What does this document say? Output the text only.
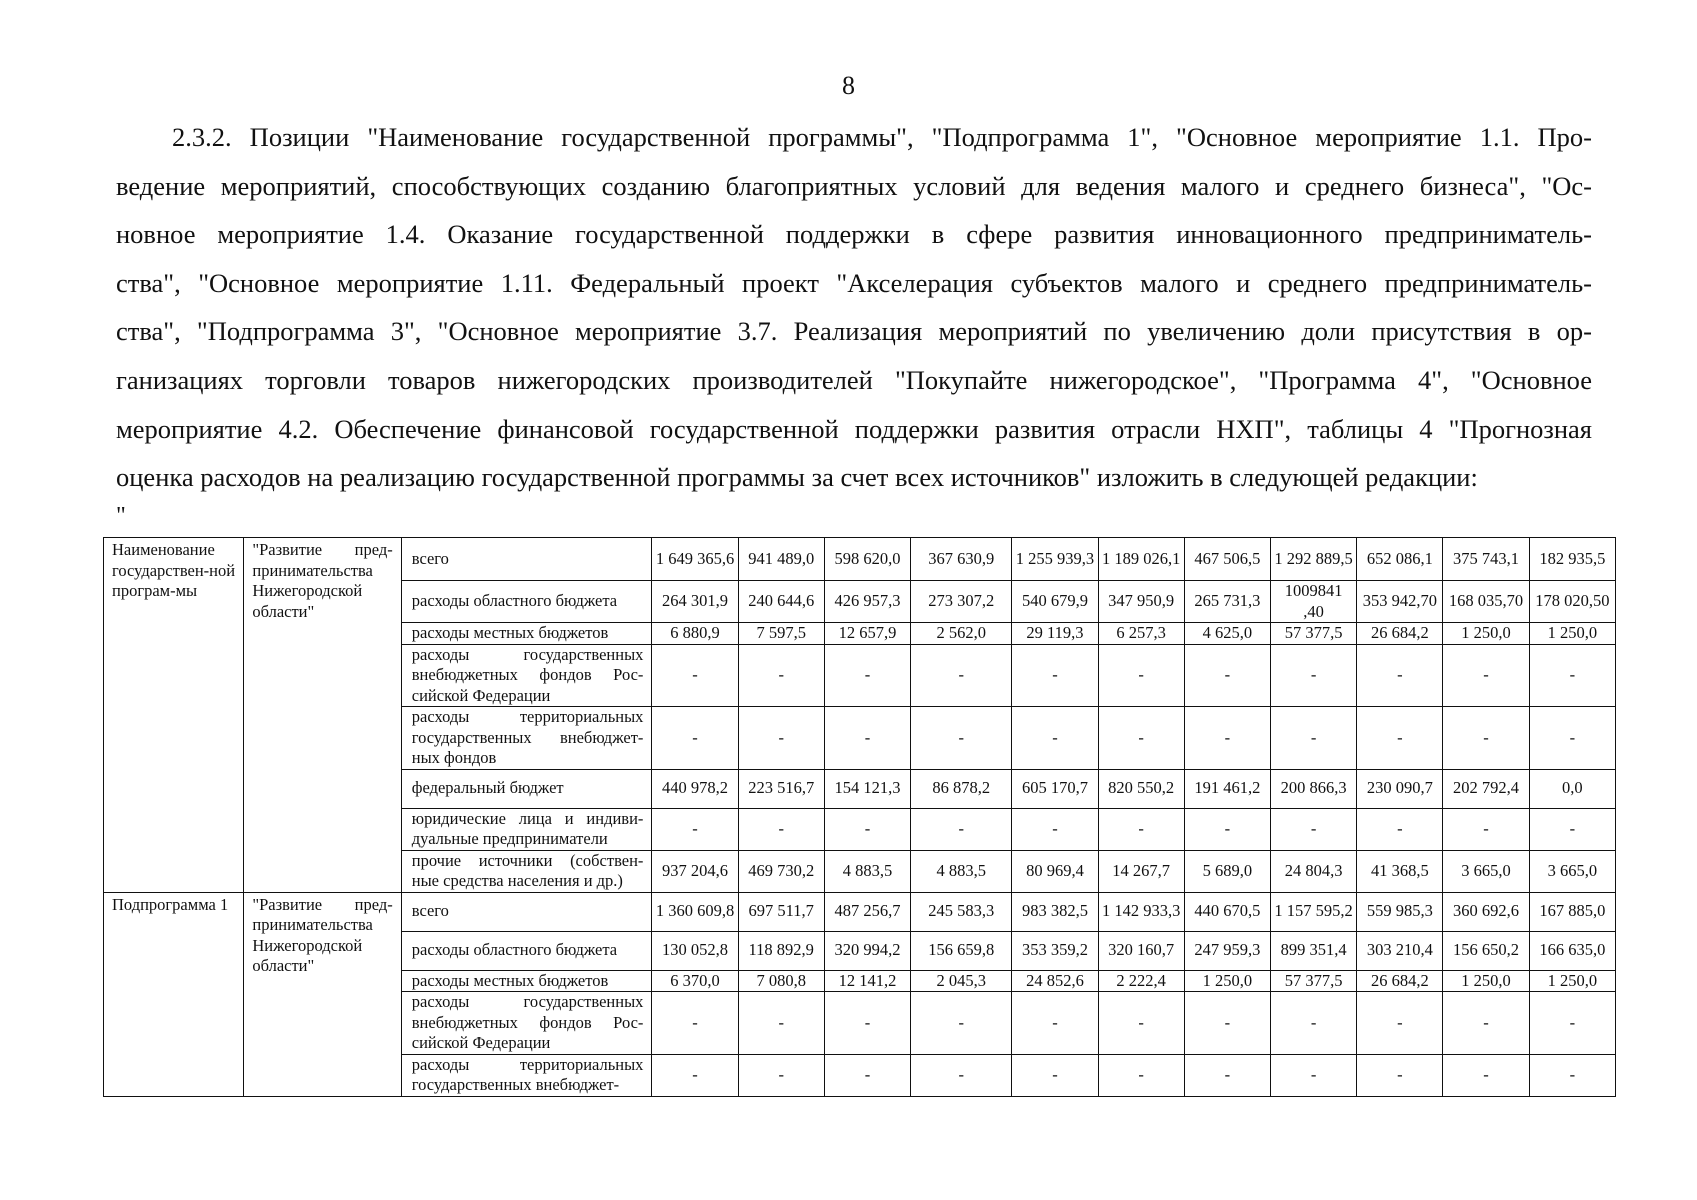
8

2.3.2. Позиции "Наименование государственной программы", "Подпрограмма 1", "Основное мероприятие 1.1. Про-
ведение мероприятий, способствующих созданию благоприятных условий для ведения малого и среднего бизнеса", "Ос-
новное мероприятие 1.4. Оказание государственной поддержки в сфере развития инновационного предприниматель-
ства", "Основное мероприятие 1.11. Федеральный проект "Акселерация субъектов малого и среднего предприниматель-
ства", "Подпрограмма 3", "Основное мероприятие 3.7. Реализация мероприятий по увеличению доли присутствия в ор-
ганизациях торговли товаров нижегородских производителей "Покупайте нижегородское", "Программа 4", "Основное
мероприятие 4.2. Обеспечение финансовой государственной поддержки развития отрасли НХП", таблицы 4 "Прогнозная
оценка расходов на реализацию государственной программы за счет всех источников" изложить в следующей редакции:

"
Наименование государствен-ной програм-мы	"Развитие пред-принимательства Нижегородской области"	всего	1 649 365,6	941 489,0	598 620,0	367 630,9	1 255 939,3	1 189 026,1	467 506,5	1 292 889,5	652 086,1	375 743,1	182 935,5
		расходы областного бюджета	264 301,9	240 644,6	426 957,3	273 307,2	540 679,9	347 950,9	265 731,3	1009841 ,40	353 942,70	168 035,70	178 020,50
		расходы местных бюджетов	6 880,9	7 597,5	12 657,9	2 562,0	29 119,3	6 257,3	4 625,0	57 377,5	26 684,2	1 250,0	1 250,0
		расходы государственных внебюджетных фондов Рос-сийской Федерации	-	-	-	-	-	-	-	-	-	-	-
		расходы территориальных государственных внебюджет-ных фондов	-	-	-	-	-	-	-	-	-	-	-
		федеральный бюджет	440 978,2	223 516,7	154 121,3	86 878,2	605 170,7	820 550,2	191 461,2	200 866,3	230 090,7	202 792,4	0,0
		юридические лица и индиви-дуальные предприниматели	-	-	-	-	-	-	-	-	-	-	-
		прочие источники (собствен-ные средства населения и др.)	937 204,6	469 730,2	4 883,5	4 883,5	80 969,4	14 267,7	5 689,0	24 804,3	41 368,5	3 665,0	3 665,0
Подпрограмма 1	"Развитие пред-принимательства Нижегородской области"	всего	1 360 609,8	697 511,7	487 256,7	245 583,3	983 382,5	1 142 933,3	440 670,5	1 157 595,2	559 985,3	360 692,6	167 885,0
		расходы областного бюджета	130 052,8	118 892,9	320 994,2	156 659,8	353 359,2	320 160,7	247 959,3	899 351,4	303 210,4	156 650,2	166 635,0
		расходы местных бюджетов	6 370,0	7 080,8	12 141,2	2 045,3	24 852,6	2 222,4	1 250,0	57 377,5	26 684,2	1 250,0	1 250,0
		расходы государственных внебюджетных фондов Рос-сийской Федерации	-	-	-	-	-	-	-	-	-	-	-
		расходы территориальных государственных внебюджет-	-	-	-	-	-	-	-	-	-	-	-
